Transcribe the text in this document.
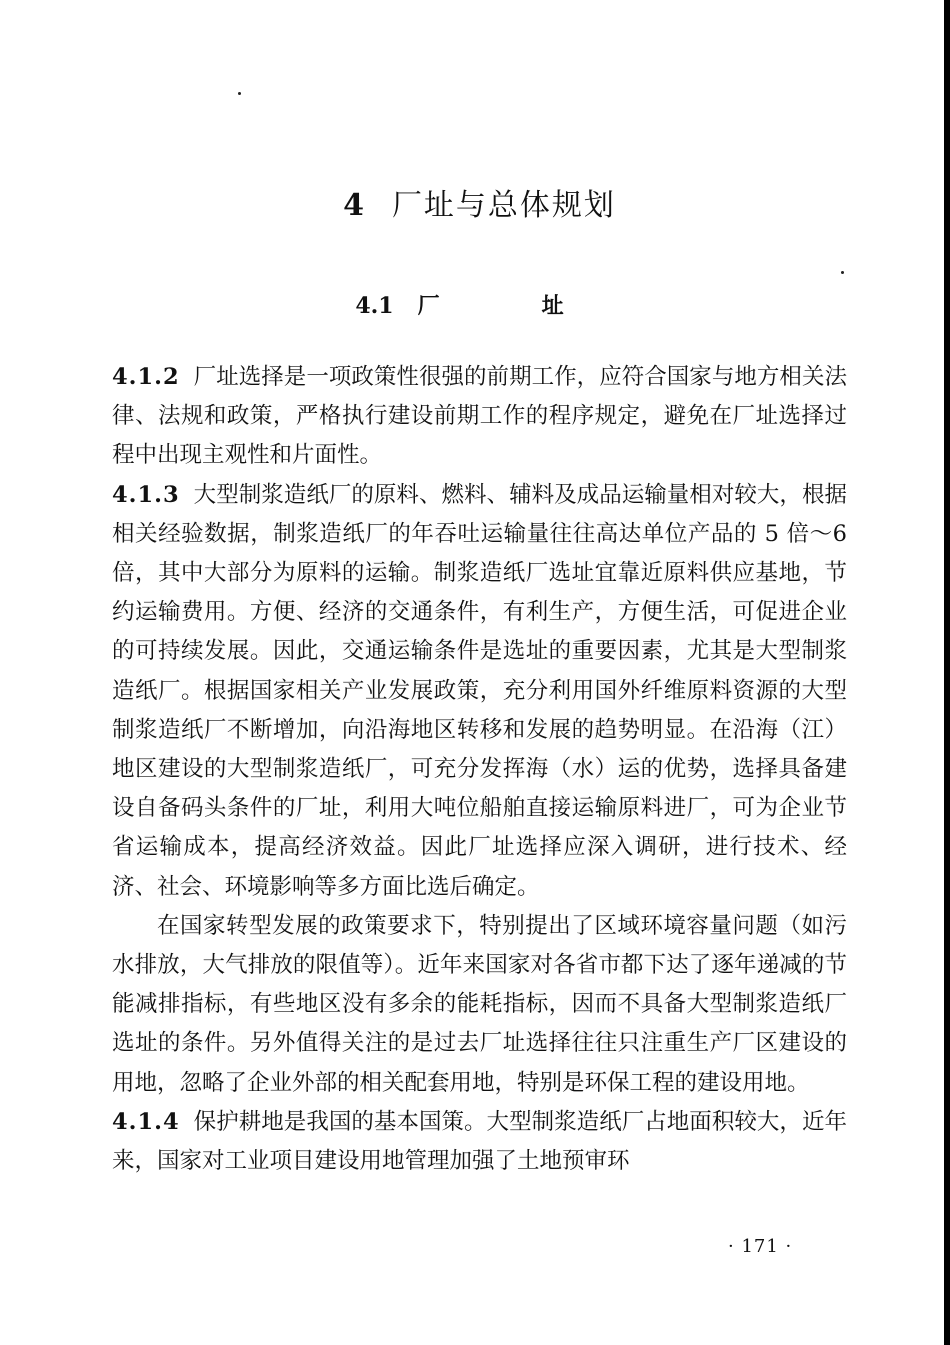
4 厂址与总体规划
4.1 厂　址

4.1.2 厂址选择是一项政策性很强的前期工作，应符合国家与地方相关法律、法规和政策，严格执行建设前期工作的程序规定，避免在厂址选择过程中出现主观性和片面性。

4.1.3 大型制浆造纸厂的原料、燃料、辅料及成品运输量相对较大，根据相关经验数据，制浆造纸厂的年吞吐运输量往往高达单位产品的 5 倍～6 倍，其中大部分为原料的运输。制浆造纸厂选址宜靠近原料供应基地，节约运输费用。方便、经济的交通条件，有利生产，方便生活，可促进企业的可持续发展。因此，交通运输条件是选址的重要因素，尤其是大型制浆造纸厂。根据国家相关产业发展政策，充分利用国外纤维原料资源的大型制浆造纸厂不断增加，向沿海地区转移和发展的趋势明显。在沿海（江）地区建设的大型制浆造纸厂，可充分发挥海（水）运的优势，选择具备建设自备码头条件的厂址，利用大吨位船舶直接运输原料进厂，可为企业节省运输成本，提高经济效益。因此厂址选择应深入调研，进行技术、经济、社会、环境影响等多方面比选后确定。

在国家转型发展的政策要求下，特别提出了区域环境容量问题（如污水排放，大气排放的限值等）。近年来国家对各省市都下达了逐年递减的节能减排指标，有些地区没有多余的能耗指标，因而不具备大型制浆造纸厂选址的条件。另外值得关注的是过去厂址选择往往只注重生产厂区建设的用地，忽略了企业外部的相关配套用地，特别是环保工程的建设用地。

4.1.4 保护耕地是我国的基本国策。大型制浆造纸厂占地面积较大，近年来，国家对工业项目建设用地管理加强了土地预审环

· 171 ·
